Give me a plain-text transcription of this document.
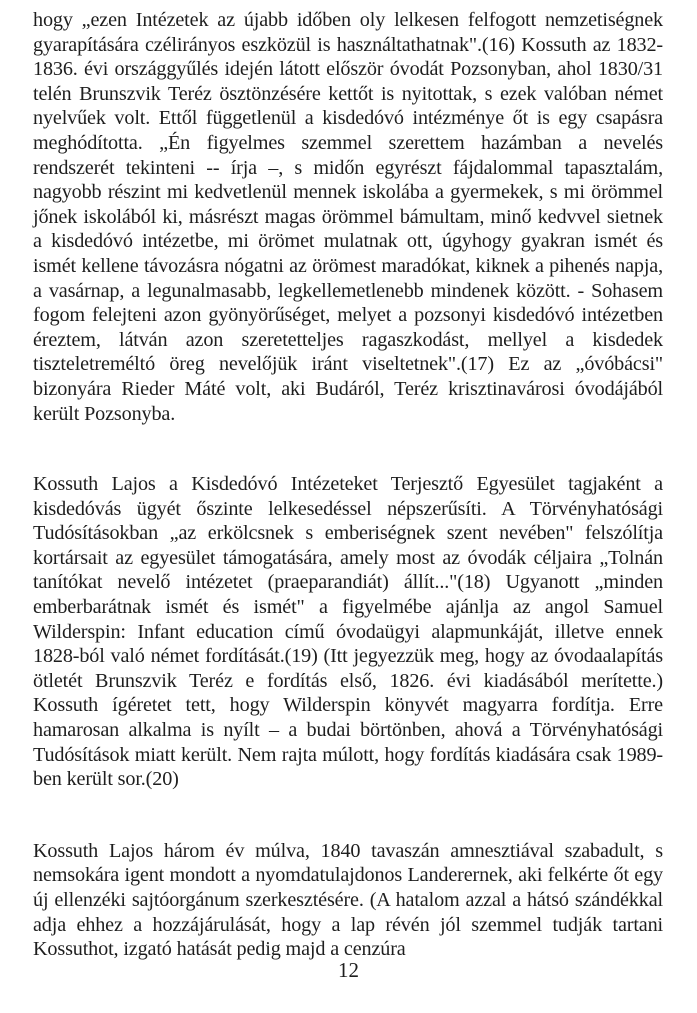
hogy „ezen Intézetek az újabb időben oly lelkesen felfogott nemzetiségnek gyarapítására czélirányos eszközül is használtathatnak".(16) Kossuth az 1832-1836. évi országgyűlés idején látott először óvodát Pozsonyban, ahol 1830/31 telén Brunszvik Teréz ösztönzésére kettőt is nyitottak, s ezek valóban német nyelvűek volt. Ettől függetlenül a kisdedóvó intézménye őt is egy csapásra meghódította. „Én figyelmes szemmel szerettem hazámban a nevelés rendszerét tekinteni -- írja –, s midőn egyrészt fájdalommal tapasztalám, nagyobb részint mi kedvetlenül mennek iskolába a gyermekek, s mi örömmel jőnek iskolából ki, másrészt magas örömmel bámultam, minő kedvvel sietnek a kisdedóvó intézetbe, mi örömet mulatnak ott, úgyhogy gyakran ismét és ismét kellene távozásra nógatni az örömest maradókat, kiknek a pihenés napja, a vasárnap, a legunalmasabb, legkellemetlenebb mindenek között. - Sohasem fogom felejteni azon gyönyörűséget, melyet a pozsonyi kisdedóvó intézetben éreztem, látván azon szeretetteljes ragaszkodást, mellyel a kisdedek tiszteletreméltó öreg nevelőjük iránt viseltetnek".(17) Ez az „óvóbácsi" bizonyára Rieder Máté volt, aki Budáról, Teréz krisztinavárosi óvodájából került Pozsonyba.

Kossuth Lajos a Kisdedóvó Intézeteket Terjesztő Egyesület tagjaként a kisdedóvás ügyét őszinte lelkesedéssel népszerűsíti. A Törvényhatósági Tudósításokban „az erkölcsnek s emberiségnek szent nevében" felszólítja kortársait az egyesület támogatására, amely most az óvodák céljaira „Tolnán tanítókat nevelő intézetet (praeparandiát) állít..."(18) Ugyanott „minden emberbarátnak ismét és ismét" a figyelmébe ajánlja az angol Samuel Wilderspin: Infant education című óvodaügyi alapmunkáját, illetve ennek 1828-ból való német fordítását.(19) (Itt jegyezzük meg, hogy az óvodaalapítás ötletét Brunszvik Teréz e fordítás első, 1826. évi kiadásából merítette.) Kossuth ígéretet tett, hogy Wilderspin könyvét magyarra fordítja. Erre hamarosan alkalma is nyílt – a budai börtönben, ahová a Törvényhatósági Tudósítások miatt került. Nem rajta múlott, hogy fordítás kiadására csak 1989-ben került sor.(20)

Kossuth Lajos három év múlva, 1840 tavaszán amnesztiával szabadult, s nemsokára igent mondott a nyomdatulajdonos Landerernek, aki felkérte őt egy új ellenzéki sajtóorgánum szerkesztésére. (A hatalom azzal a hátsó szándékkal adja ehhez a hozzájárulását, hogy a lap révén jól szemmel tudják tartani Kossuthot, izgató hatását pedig majd a cenzúra

12
